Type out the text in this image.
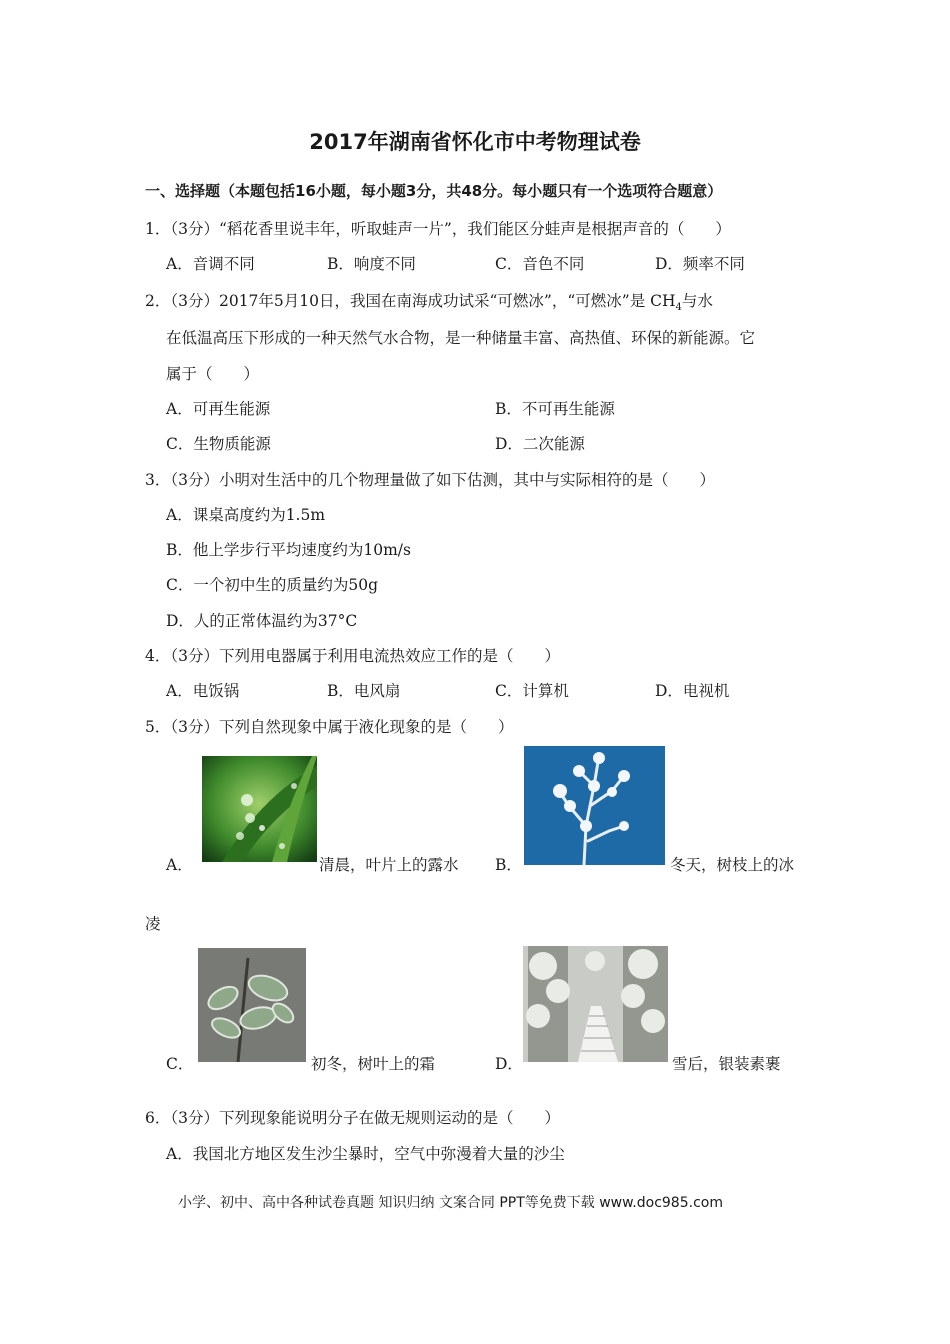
2017年湖南省怀化市中考物理试卷
一、选择题（本题包括16小题，每小题3分，共48分。每小题只有一个选项符合题意）
1．（3分）“稻花香里说丰年，听取蛙声一片”，我们能区分蛙声是根据声音的（　　）
A．音调不同	B．响度不同	C．音色不同	D．频率不同
2．（3分）2017年5月10日，我国在南海成功试采“可燃冰”，“可燃冰”是 $CH_4$与水
在低温高压下形成的一种天然气水合物，是一种储量丰富、高热值、环保的新能源。它
属于（　　）
A．可再生能源	B．不可再生能源
C．生物质能源	D．二次能源
3．（3分）小明对生活中的几个物理量做了如下估测，其中与实际相符的是（　　）
A．课桌高度约为1.5m
B．他上学步行平均速度约为10m/s
C．一个初中生的质量约为50g
D．人的正常体温约为37°C
4．（3分）下列用电器属于利用电流热效应工作的是（　　）
A．电饭锅	B．电风扇	C．计算机	D．电视机
5．（3分）下列自然现象中属于液化现象的是（　　）
A．	清晨，叶片上的露水 B．	冬天，树枝上的冰
凌
C．	初冬，树叶上的霜	D．	雪后，银装素裹
6．（3分）下列现象能说明分子在做无规则运动的是（　　）
A．我国北方地区发生沙尘暴时，空气中弥漫着大量的沙尘
小学、初中、高中各种试卷真题 知识归纳 文案合同 PPT等免费下载 www.doc985.com
